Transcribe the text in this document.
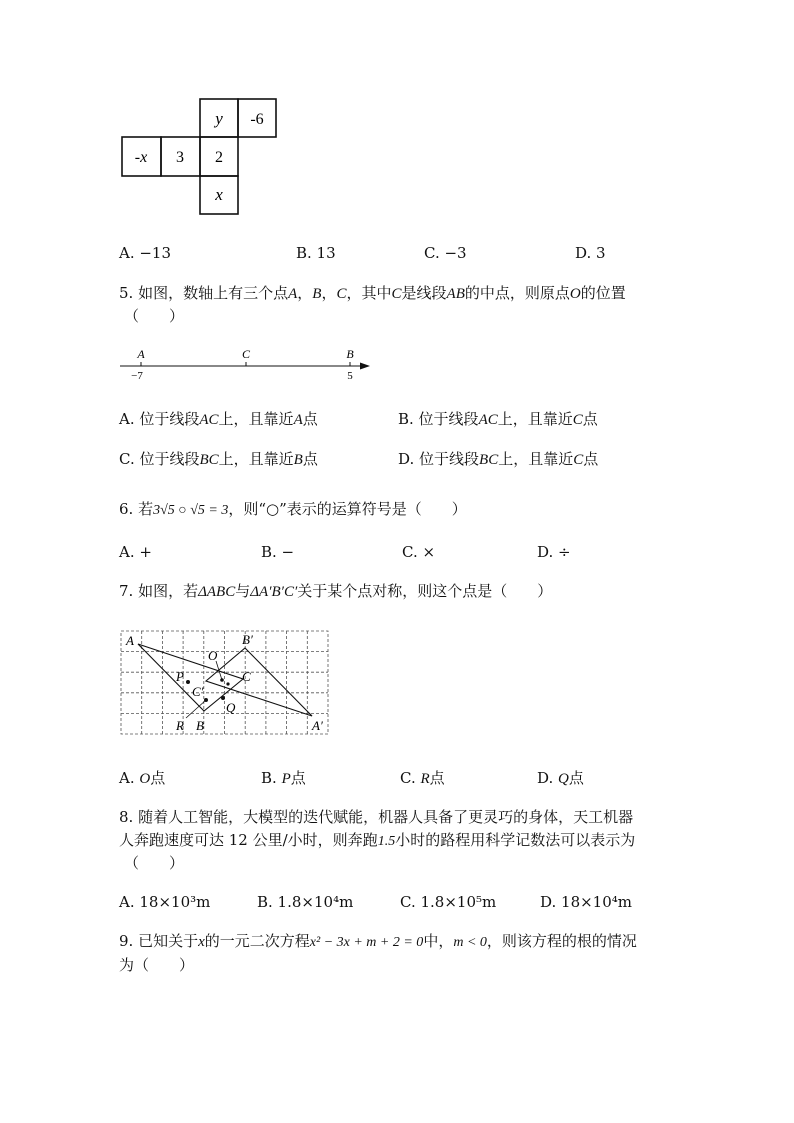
y -6
-x 3 2
x
A. −13	B. 13	C. −3	D. 3
5. 如图，数轴上有三个点A，B，C，其中C是线段AB的中点，则原点O的位置
（　　）
A	C	B
−7	5
A. 位于线段AC上，且靠近A点	B. 位于线段AC上，且靠近C点
C. 位于线段BC上，且靠近B点	D. 位于线段BC上，且靠近C点
6. 若3√5 ○ √5 = 3，则“○”表示的运算符号是（　　）
A. +	B. −	C. ×	D. ÷
7. 如图，若ΔABC与ΔA′B′C′关于某个点对称，则这个点是（　　）
A	B′
O
P	C
C′
Q
R B	A′
A. O点	B. P点	C. R点	D. Q点
8. 随着人工智能，大模型的迭代赋能，机器人具备了更灵巧的身体，天工机器
人奔跑速度可达 12 公里/小时，则奔跑1.5小时的路程用科学记数法可以表示为
（　　）
A. 18×10³m	B. 1.8×10⁴m	C. 1.8×10⁵m	D. 18×10⁴m
9. 已知关于x的一元二次方程x² − 3x + m + 2 = 0中，m < 0，则该方程的根的情况
为（　　）
